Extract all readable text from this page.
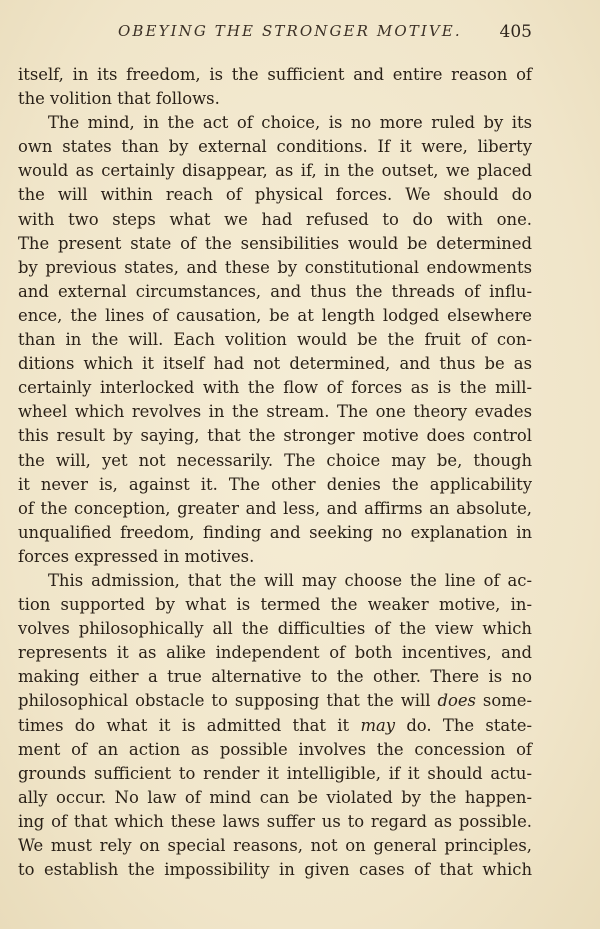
OBEYING THE STRONGER MOTIVE. 405
itself, in its freedom, is the sufficient and entire reason of
the volition that follows.
The mind, in the act of choice, is no more ruled by its
own states than by external conditions. If it were, liberty
would as certainly disappear, as if, in the outset, we placed
the will within reach of physical forces. We should do
with two steps what we had refused to do with one.
The present state of the sensibilities would be determined
by previous states, and these by constitutional endowments
and external circumstances, and thus the threads of influ-
ence, the lines of causation, be at length lodged elsewhere
than in the will. Each volition would be the fruit of con-
ditions which it itself had not determined, and thus be as
certainly interlocked with the flow of forces as is the mill-
wheel which revolves in the stream. The one theory evades
this result by saying, that the stronger motive does control
the will, yet not necessarily. The choice may be, though
it never is, against it. The other denies the applicability
of the conception, greater and less, and affirms an absolute,
unqualified freedom, finding and seeking no explanation in
forces expressed in motives.
This admission, that the will may choose the line of ac-
tion supported by what is termed the weaker motive, in-
volves philosophically all the difficulties of the view which
represents it as alike independent of both incentives, and
making either a true alternative to the other. There is no
philosophical obstacle to supposing that the will does some-
times do what it is admitted that it may do. The state-
ment of an action as possible involves the concession of
grounds sufficient to render it intelligible, if it should actu-
ally occur. No law of mind can be violated by the happen-
ing of that which these laws suffer us to regard as possible.
We must rely on special reasons, not on general principles,
to establish the impossibility in given cases of that which
